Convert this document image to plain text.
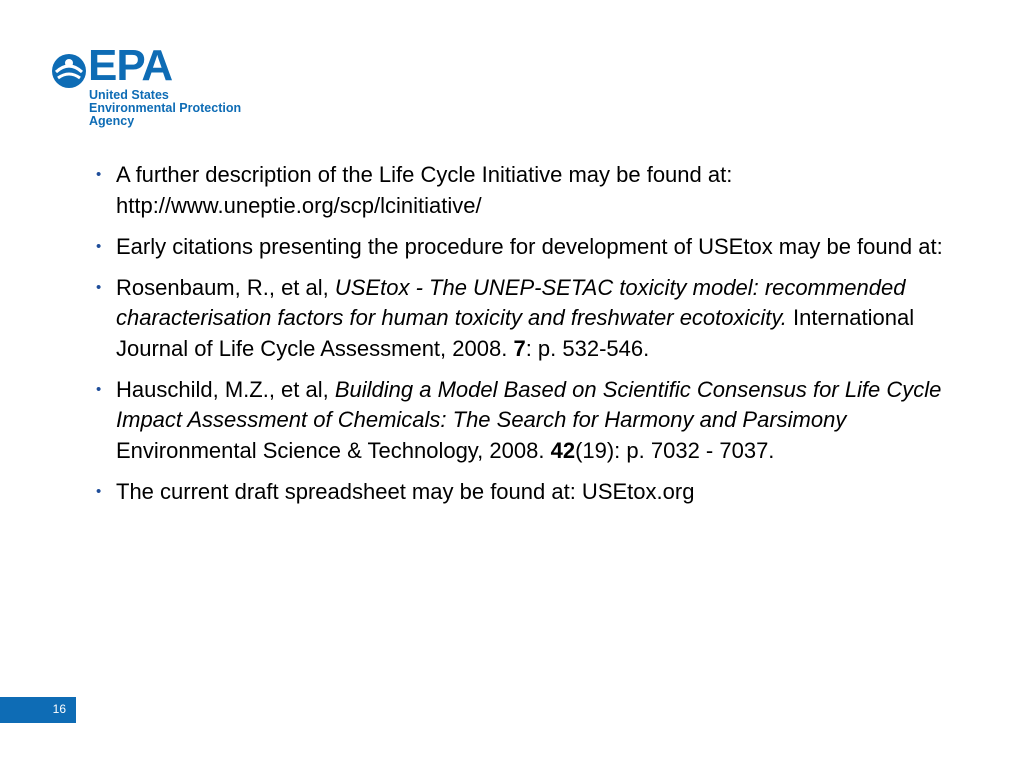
EPA
United States
Environmental Protection
Agency
• A further description of the Life Cycle Initiative may be found at: http://www.uneptie.org/scp/lcinitiative/
• Early citations presenting the procedure for development of USEtox may be found at:
• Rosenbaum, R., et al, USEtox - The UNEP-SETAC toxicity model: recommended characterisation factors for human toxicity and freshwater ecotoxicity. International Journal of Life Cycle Assessment, 2008. 7: p. 532-546.
• Hauschild, M.Z., et al, Building a Model Based on Scientific Consensus for Life Cycle Impact Assessment of Chemicals: The Search for Harmony and Parsimony Environmental Science & Technology, 2008. 42(19): p. 7032 - 7037.
• The current draft spreadsheet may be found at: USEtox.org
16
